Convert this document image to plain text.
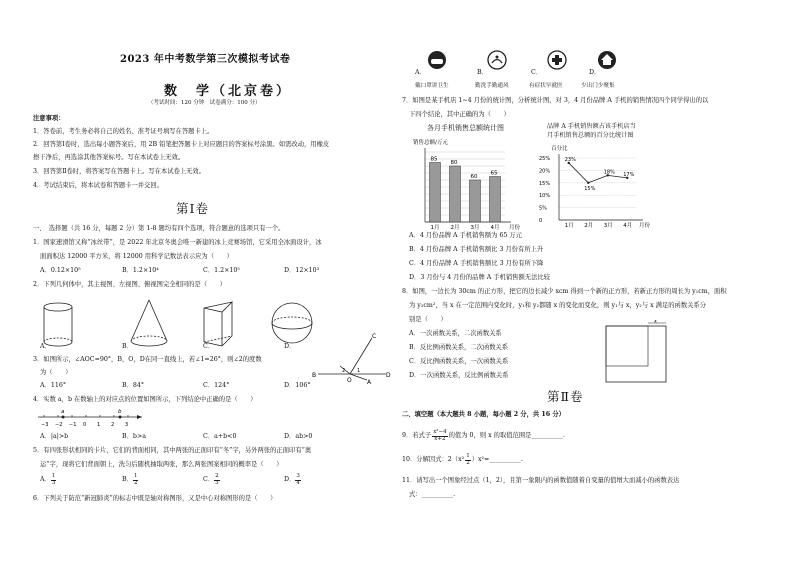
2023 年中考数学第三次模拟考试卷
数　学（北京卷）
（考试时间：120 分钟　试卷满分：100 分）
注意事项：
1．答卷前，考生务必将自己的姓名、准考证号填写在答题卡上。
2．回答第Ⅰ卷时，选出每小题答案后，用 2B 铅笔把答题卡上对应题目的答案标号涂黑。如需改动，用橡皮
擦干净后，再选涂其他答案标号。写在本试卷上无效。
3．回答第Ⅱ卷时，将答案写在答题卡上。写在本试卷上无效。
4．考试结束后，将本试卷和答题卡一并交回。
第Ⅰ卷
一、　选择题（共 16 分，每题 2 分）第 1-8 题均有四个选项，符合题意的选项只有一个。
1．国家速滑馆又称“冰丝带”，是 2022 年北京冬奥会唯一新建的冰上竞赛场馆，它采用全冰面设计，冰
面面积达 12000 平方米，将 12000 用科学记数法表示应为（　　）
A．0.12×10⁵	B．1.2×10⁴	C．1.2×10⁵	D．12×10³
2．下列几何体中，其主视图、左视图、俯视图完全相同的是（　　）
A．	B．	C．	D．
3．如图所示，∠AOC=90°，B，O，D在同一直线上，若∠1=26°，则∠2的度数
为（　　）	B	D
C
A
O
1
2
A．116°	B．84°	C．124°	D．106°
4．实数 a，b 在数轴上的对应点的位置如图所示，下列结论中正确的是（　　）
−3 −2 −1 0 1 2 3
a	b
A．|a|>b	B．b>a	C．a+b<0	D．ab>0
5．有四张形状相同的卡片，它们的背面相同，其中两张的正面印有“冬”字，另外两张的正面印有“奥
运”字，现将它们背面朝上，洗匀后随机抽取两张，那么两张图案相同的概率是（　　）
A． $\frac{1}{3}$	B． $\frac{1}{2}$	C． $\frac{2}{3}$	D． $\frac{3}{4}$
6．下列关于防范“新冠肺炎”的标志中既是轴对称图形，又是中心对称图形的是（　　）
A．	B．	C．	D．
戴口罩讲卫生	勤洗手勤通风	有症状早就医	少出门少聚集
7．如图是某手机店 1~4 月份的统计图，分析统计图，对 3，4 月份品牌 A 手机的销售情况四个同学得出的以
下四个结论，其中正确的为（　　）
各月手机销售总额统计图
销售总额/万元
85
1月
80
2月
60
3月
65
4月 月份
品牌 A 手机销售额占该手机店当
月手机销售总额的百分比统计图
百分比
0
5%
10%
15%
20%
25%	23%
1月
15%
2月
18%
3月
17%
4月 月份
A．4 月份品牌 A 手机销售额为 65 万元
B．4 月份品牌 A 手机销售额比 3 月份有所上升
C．4 月份品牌 A 手机销售额比 3 月份有所下降
D．3 月份与 4 月份的品牌 A 手机销售额无法比较
8．如图，一边长为 30cm 的正方形，把它的边长减少 xcm 得到一个新的正方形，若新正方形的周长为 y₁cm，面积
为 y₂cm²，当 x 在一定范围内变化时，y₁和 y₂都随 x 的变化而变化，则 y₁与 x，y₂与 x 满足的函数关系分
别是（　　）
A．一次函数关系，二次函数关系
B．反比例函数关系，二次函数关系
C．反比例函数关系，一次函数关系
D．一次函数关系，反比例函数关系
x
第Ⅱ卷
二、填空题（本大题共 8 小题，每小题 2 分，共 16 分）
9．若式子 $\frac{\text{x²−4}}{x+2}$ 的值为 0，则 x 的取值范围是__________.
10．分解因式：$2(x^2 \frac{1}{2}$ ）x²=__________.
11．请写出一个图象经过点（1，2），且第一象限内的函数值随着自变量的值增大而减小的函数表达
式：__________.
